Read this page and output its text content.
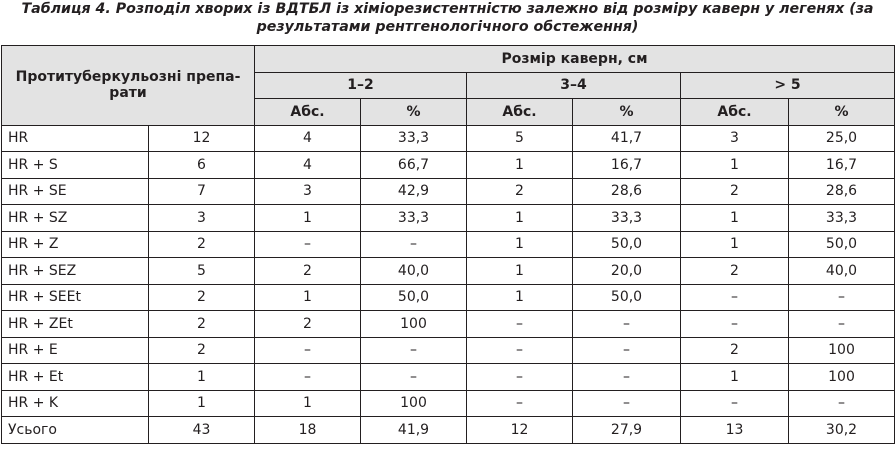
Таблиця 4. Розподіл хворих із ВДТБЛ із хіміорезистентністю залежно від розміру каверн у легенях (за
результатами рентгенологічного обстеження)
Протитуберкульозні препа-рати		Розмір каверн, см					
		1–2		3–4		> 5	
		Абс.	%	Абс.	%	Абс.	%
HR	12	4	33,3	5	41,7	3	25,0
HR + S	6	4	66,7	1	16,7	1	16,7
HR + SE	7	3	42,9	2	28,6	2	28,6
HR + SZ	3	1	33,3	1	33,3	1	33,3
HR + Z	2	–	–	1	50,0	1	50,0
HR + SEZ	5	2	40,0	1	20,0	2	40,0
HR + SEEt	2	1	50,0	1	50,0	–	–
HR + ZEt	2	2	100	–	–	–	–
HR + E	2	–	–	–	–	2	100
HR + Et	1	–	–	–	–	1	100
HR + K	1	1	100	–	–	–	–
Усього	43	18	41,9	12	27,9	13	30,2
